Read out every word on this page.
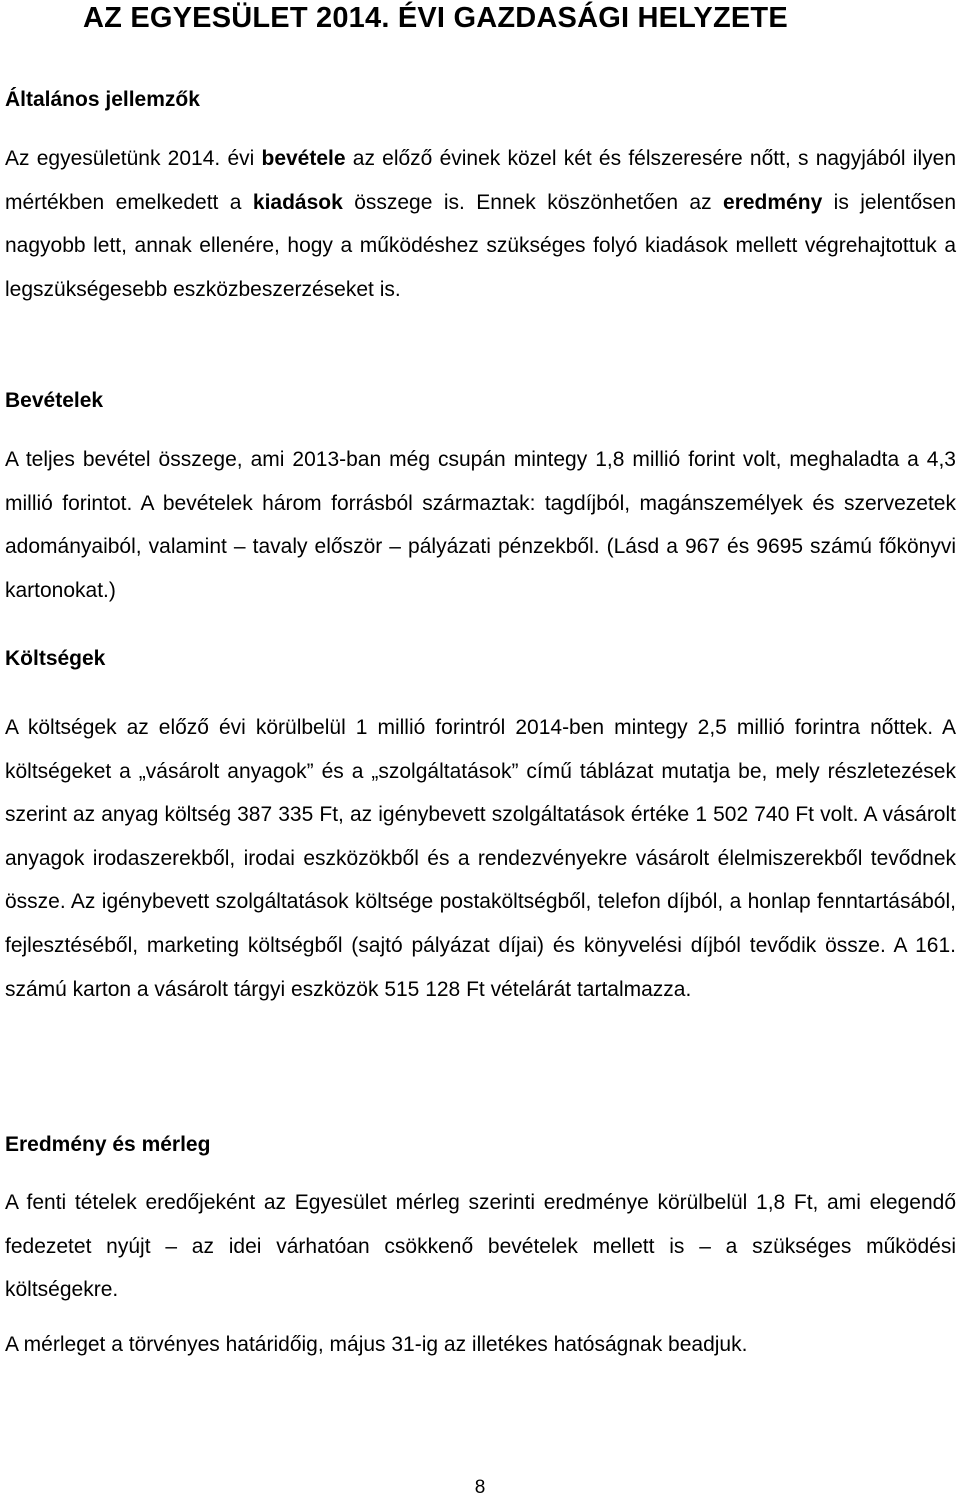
AZ EGYESÜLET 2014. ÉVI GAZDASÁGI HELYZETE
Általános jellemzők

Az egyesületünk 2014. évi bevétele az előző évinek közel két és félszeresére nőtt, s nagyjából ilyen mértékben emelkedett a kiadások összege is. Ennek köszönhetően az eredmény is jelentősen nagyobb lett, annak ellenére, hogy a működéshez szükséges folyó kiadások mellett végrehajtottuk a legszükségesebb eszközbeszerzéseket is.

Bevételek

A teljes bevétel összege, ami 2013-ban még csupán mintegy 1,8 millió forint volt, meghaladta a 4,3 millió forintot. A bevételek három forrásból származtak: tagdíjból, magánszemélyek és szervezetek adományaiból, valamint – tavaly először – pályázati pénzekből. (Lásd a 967 és 9695 számú főkönyvi kartonokat.)

Költségek

A költségek az előző évi körülbelül 1 millió forintról 2014-ben mintegy 2,5 millió forintra nőttek. A költségeket a „vásárolt anyagok” és a „szolgáltatások” című táblázat mutatja be, mely részletezések szerint az anyag költség 387 335 Ft, az igénybevett szolgáltatások értéke 1 502 740 Ft volt. A vásárolt anyagok irodaszerekből, irodai eszközökből és a rendezvényekre vásárolt élelmiszerekből tevődnek össze. Az igénybevett szolgáltatások költsége postaköltségből, telefon díjból, a honlap fenntartásából, fejlesztéséből, marketing költségből (sajtó pályázat díjai) és könyvelési díjból tevődik össze. A 161. számú karton a vásárolt tárgyi eszközök 515 128 Ft vételárát tartalmazza.

Eredmény és mérleg

A fenti tételek eredőjeként az Egyesület mérleg szerinti eredménye körülbelül 1,8 Ft, ami elegendő fedezetet nyújt – az idei várhatóan csökkenő bevételek mellett is – a szükséges működési költségekre.

A mérleget a törvényes határidőig, május 31-ig az illetékes hatóságnak beadjuk.

8
